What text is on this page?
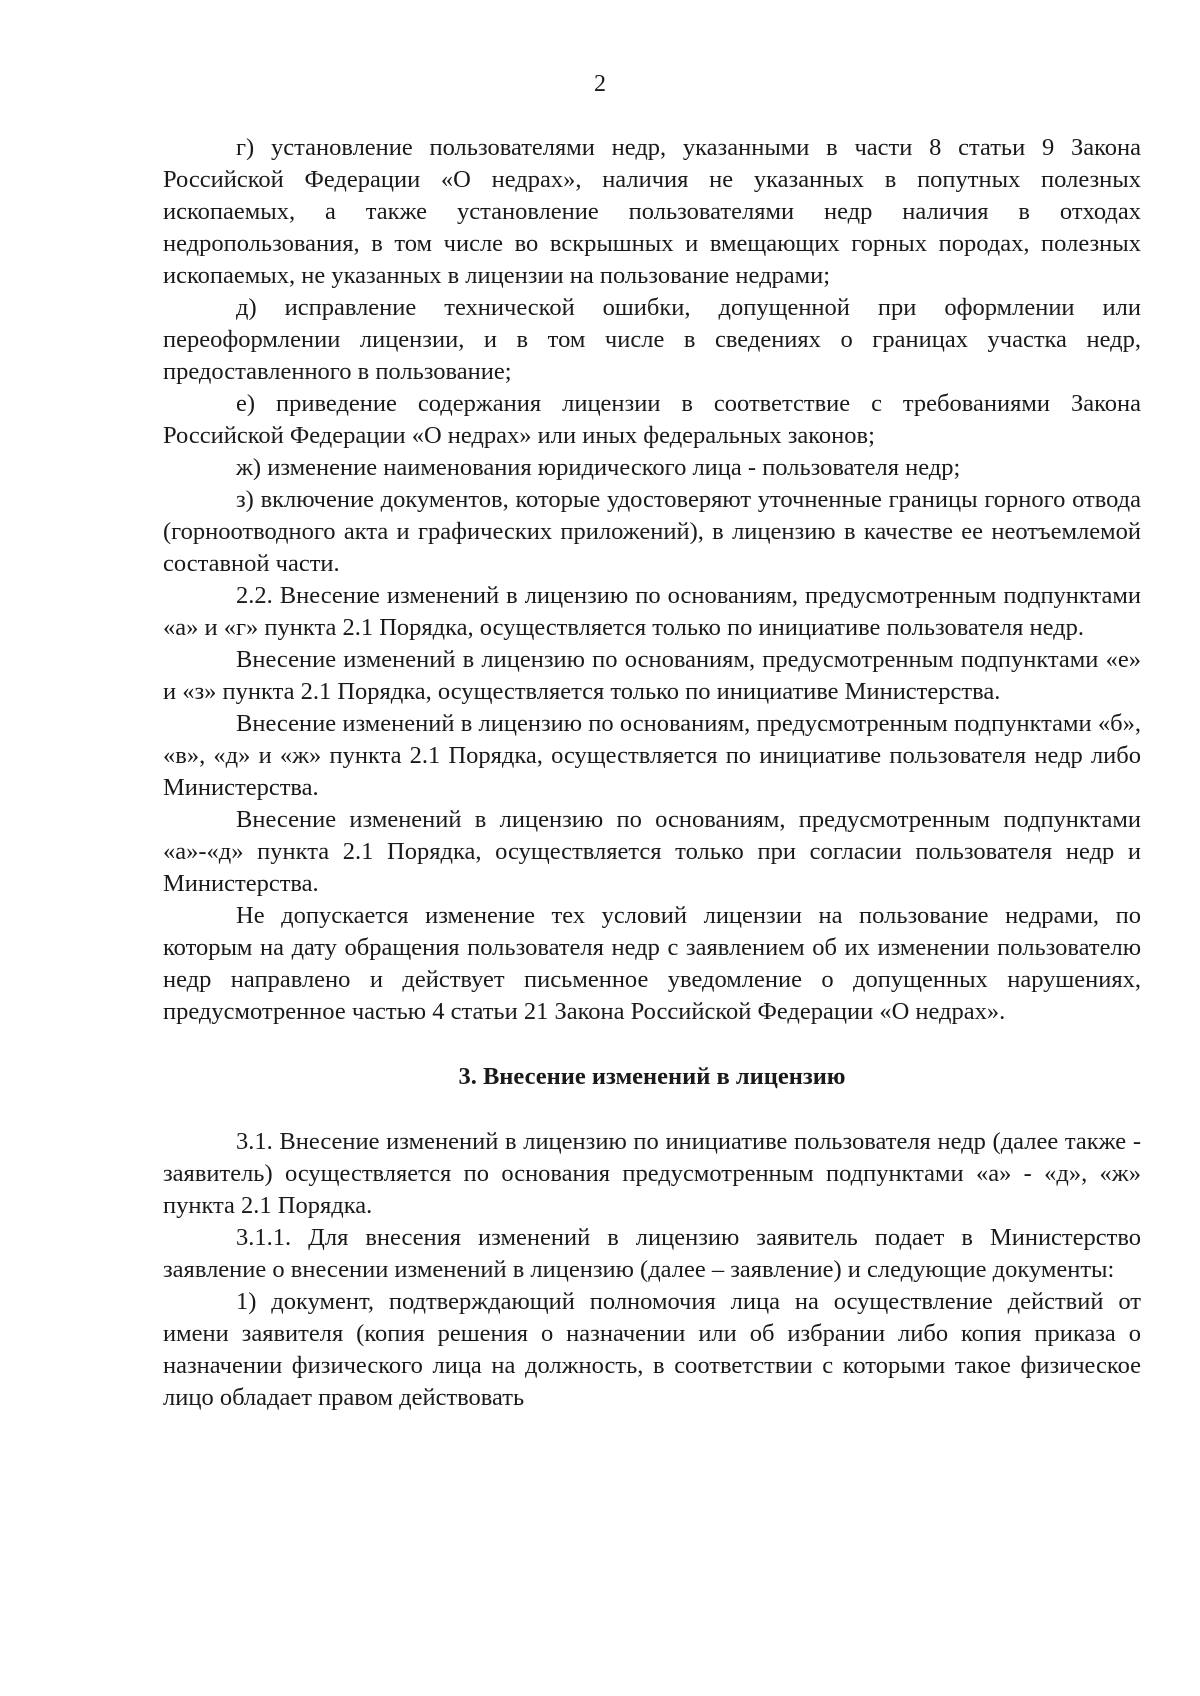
2

г) установление пользователями недр, указанными в части 8 статьи 9 Закона Российской Федерации «О недрах», наличия не указанных в попутных полезных ископаемых, а также установление пользователями недр наличия в отходах недропользования, в том числе во вскрышных и вмещающих горных породах, полезных ископаемых, не указанных в лицензии на пользование недрами;

д) исправление технической ошибки, допущенной при оформлении или переоформлении лицензии, и в том числе в сведениях о границах участка недр, предоставленного в пользование;

е) приведение содержания лицензии в соответствие с требованиями Закона Российской Федерации «О недрах» или иных федеральных законов;

ж) изменение наименования юридического лица - пользователя недр;

з) включение документов, которые удостоверяют уточненные границы горного отвода (горноотводного акта и графических приложений), в лицензию в качестве ее неотъемлемой составной части.

2.2. Внесение изменений в лицензию по основаниям, предусмотренным подпунктами «а» и «г» пункта 2.1 Порядка, осуществляется только по инициативе пользователя недр.

Внесение изменений в лицензию по основаниям, предусмотренным подпунктами «е» и «з» пункта 2.1 Порядка, осуществляется только по инициативе Министерства.

Внесение изменений в лицензию по основаниям, предусмотренным подпунктами «б», «в», «д» и «ж» пункта 2.1 Порядка, осуществляется по инициативе пользователя недр либо Министерства.

Внесение изменений в лицензию по основаниям, предусмотренным подпунктами «а»-«д» пункта 2.1 Порядка, осуществляется только при согласии пользователя недр и Министерства.

Не допускается изменение тех условий лицензии на пользование недрами, по которым на дату обращения пользователя недр с заявлением об их изменении пользователю недр направлено и действует письменное уведомление о допущенных нарушениях, предусмотренное частью 4 статьи 21 Закона Российской Федерации «О недрах».

3. Внесение изменений в лицензию

3.1. Внесение изменений в лицензию по инициативе пользователя недр (далее также - заявитель) осуществляется по основания предусмотренным подпунктами «а» - «д», «ж» пункта 2.1 Порядка.

3.1.1. Для внесения изменений в лицензию заявитель подает в Министерство заявление о внесении изменений в лицензию (далее – заявление) и следующие документы:

1) документ, подтверждающий полномочия лица на осуществление действий от имени заявителя (копия решения о назначении или об избрании либо копия приказа о назначении физического лица на должность, в соответствии с которыми такое физическое лицо обладает правом действовать
